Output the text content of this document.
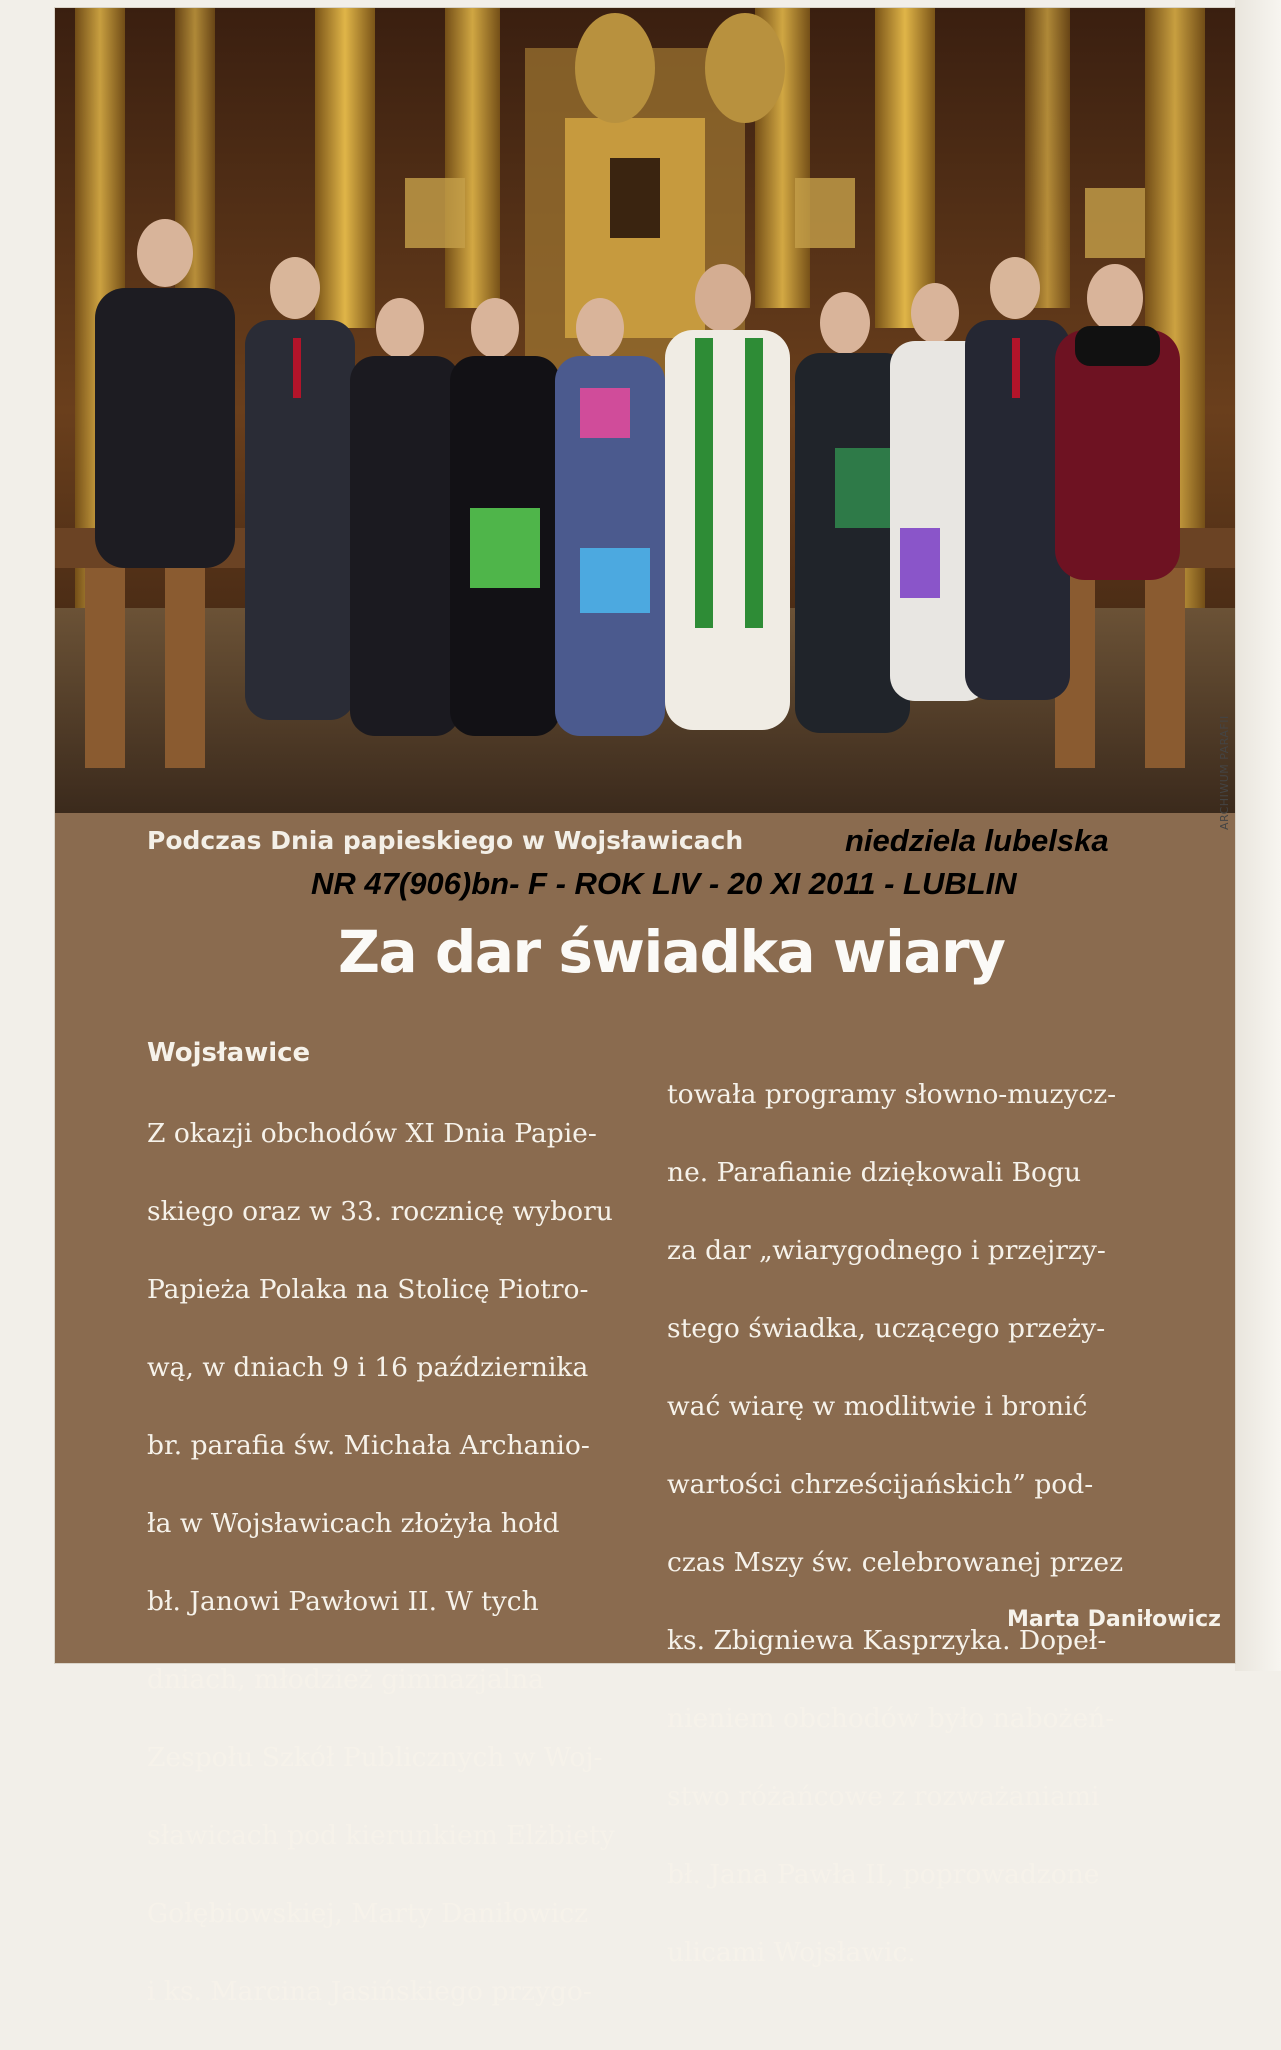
Podczas Dnia papieskiego w Wojsławicach	niedziela lubelska
NR 47(906)bn- F - ROK LIV - 20 XI 2011 - LUBLIN
Za dar świadka wiary
Wojsławice

Z okazji obchodów XI Dnia Papie-

skiego oraz w 33. rocznicę wyboru

Papieża Polaka na Stolicę Piotro-

wą, w dniach 9 i 16 października

br. parafia św. Michała Archanio-

ła w Wojsławicach złożyła hołd

bł. Janowi Pawłowi II. W tych

dniach, młodzież gimnazjalna

Zespołu Szkół Publicznych w Woj-

sławicach pod kierunkiem Elżbiety

Gołębiowskiej, Marty Daniłowicz

i ks. Marcina Jasińskiego przygo-

towała programy słowno-muzycz-

ne. Parafianie dziękowali Bogu

za dar „wiarygodnego i przejrzy-

stego świadka, uczącego przeży-

wać wiarę w modlitwie i bronić

wartości chrześcijańskich” pod-

czas Mszy św. celebrowanej przez

ks. Zbigniewa Kasprzyka. Dopeł-

nieniem obchodów było nabożeń-

stwo różańcowe z rozważaniami

bł. Jana Pawła II, poprowadzone

ulicami Wojsławic.

Marta Daniłowicz
ARCHIWUM PARAFII
